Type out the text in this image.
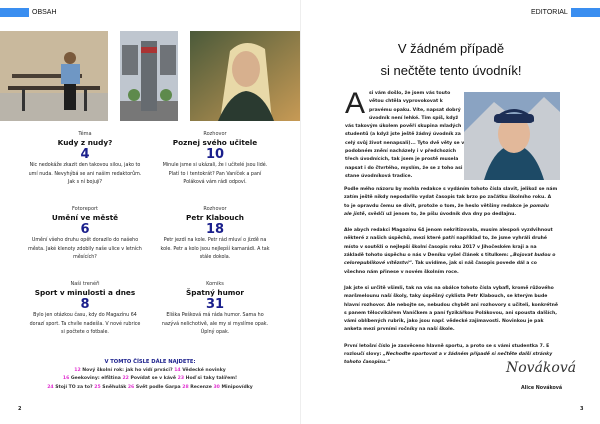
OBSAH
Téma
Kudy z nudy?
4
Nic nedokáže zkazit den takovou silou, jako to umí nuda. Nevyhýbá se ani našim redaktorům. Jak s ní bojují?
Rozhovor
Poznej svého učitele
10
Minule jsme si ukázali, že i učitelé jsou lidé. Platí to i tentokrát? Pan Vaníček a paní Poláková vám rádi odpoví.
Fotoreport
Umění ve městě
6
Umění všeho druhu opět dorazilo do našeho města. Jaké klenoty zdobily naše ulice v letních měsících?
Rozhovor
Petr Klabouch
18
Petr jezdí na kole. Petr rád mluví o jízdě na kole. Petr a kolo jsou nejlepší kamarádi. A tak stále dokola.
Naši trenéři
Sport v minulosti a dnes
8
Bylo jen otázkou času, kdy do Magazínu 64 dorazí sport. Ta chvíle nadešla. V nové rubrice si počtete o fotbale.
Komiks
Špatný humor
31
Eliška Pešková má ráda humor. Sama ho nazývá nelichotivě, ale my si myslíme opak. Úplný opak.
V TOMTO ČÍSLE DÁLE NAJDETE:
12 Nový školní rok: jak ho vidí prváci? 14 Vědecké novinky
16 Geekoviny: elfština 22 Povídat se v kávě 23 Hoď si taky talířem!
24 Stojí TO za to? 25 Sněhulák 26 Svět podle Garpa 28 Recenze 30 Minipovídky
2
EDITORIAL
V žádném případě
si nečtěte tento úvodník!
Asi vám došlo, že jsem vás touto větou chtěla vyprovokovat k pravému opaku. Víte, napsat dobrý úvodník není lehké. Tím spíš, když vás takovým úkolem pověří skupina mladých studentů (a když jste ještě žádný úvodník za celý svůj život nenapsali)... Tyto dvě věty se v podobném znění nacházely i v předchozích třech úvodnících, tak jsem je prostě musela napsat i do čtvrtého, myslím, že se z toho asi stane úvodníková tradice.

Podle mého názoru by mohla redakce s vydáním tohoto čísla slavit, jelikož se nám zatím ještě nikdy nepodařilo vydat časopis tak brzo po začátku školního roku. A to je opravdu čemu se divit, protože o tom, že heslo většiny redakce je pomalu ale jistě, svědčí už jenom to, že píšu úvodník dva dny po dedlajnu.

Ale abych redakci Magazínu 64 jenom nekritizovala, musím alespoň vyzdvihnout některé z našich úspěchů, mezi které patří například to, že jsme vyhráli druhé místo v soutěži o nejlepší školní časopis roku 2017 v Jihočeském kraji a na základě tohoto úspěchu o nás v Deníku vyšel článek s titulkem: „Bojovat budou o celorepublikové vítězství“. Tak uvidíme, jak si náš časopis povede dál a co všechno nám přinese v novém školním roce.

Jak jste si určitě všimli, tak na vás na obálce tohoto čísla vybafl, kromě růžového maršmelounu naší školy, taky úspěšný cyklista Petr Klabouch, se kterým bude hlavní rozhovor. Ale nebojte se, nebudou chybět ani rozhovory s učiteli, konkrétně s panem tělocvikářem Vaníčkem a paní fyzikářkou Polákovou, ani spousta dalších, vámi oblíbených rubrik, jako jsou např. vědecké zajímavosti. Novinkou je pak anketa mezi prvními ročníky na naší škole.

První letošní číslo je zasvěceno hlavně sportu, a proto se s vámi studentka 7. E rozloučí slovy: „Nechoďte sportovat a v žádném případě si nečtěte další stránky tohoto časopisu.“	Nováková
Alice Nováková
3
